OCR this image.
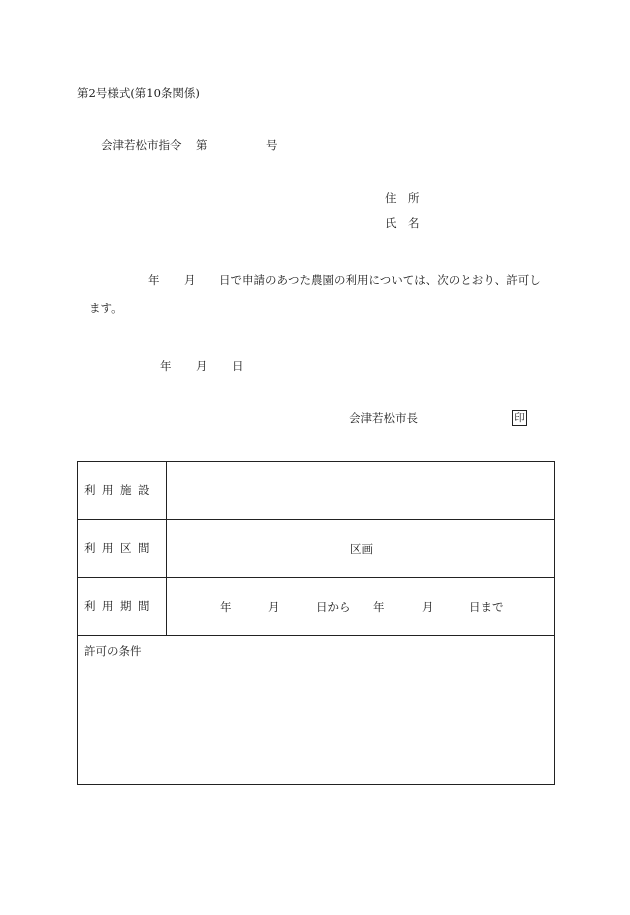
第2号様式(第10条関係)
会津若松市指令 第	号
住　所
氏　名
年 月 日で申請のあつた農園の利用については、次のとおり、許可し
ます。
年 月 日
会津若松市長	印
利用施設
利用区間	区画
利用期間	年	月	日から 年	月	日まで
許可の条件
